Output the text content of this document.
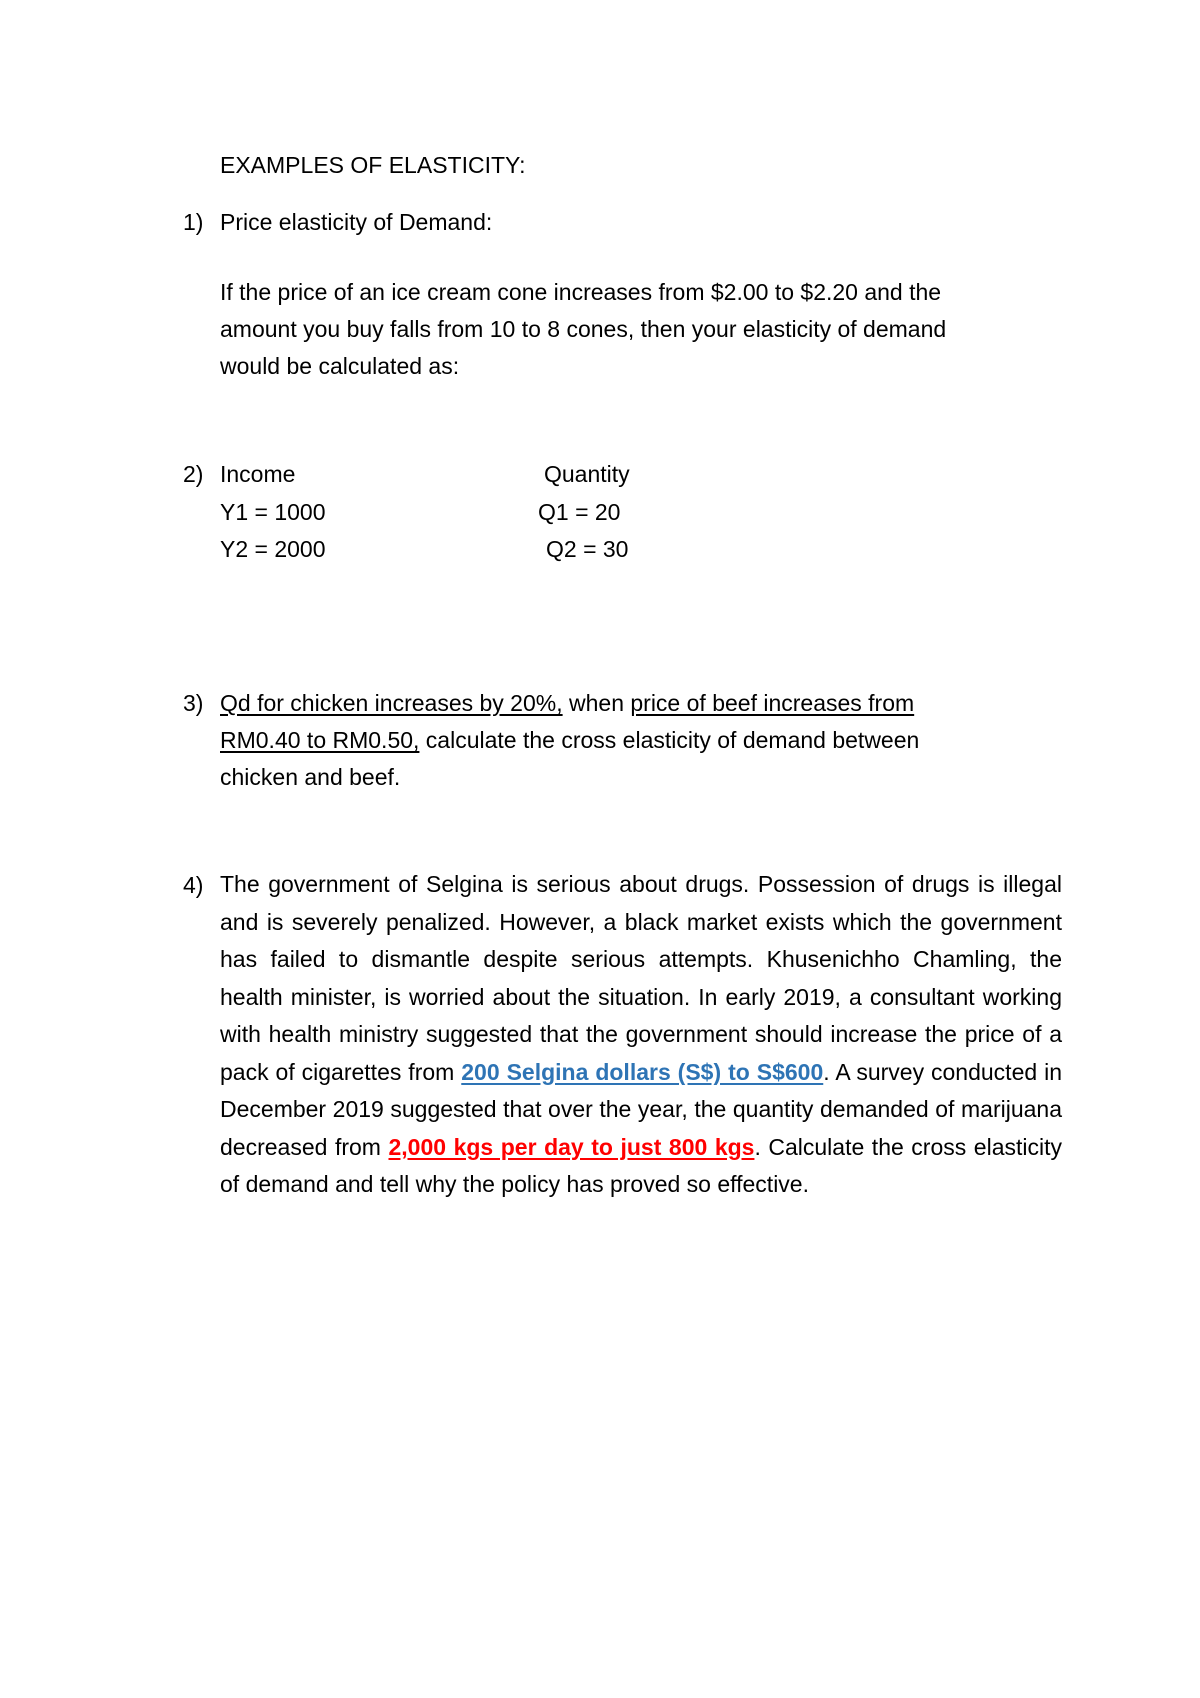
EXAMPLES OF ELASTICITY:
1) Price elasticity of Demand:
If the price of an ice cream cone increases from $2.00 to $2.20 and the
amount you buy falls from 10 to 8 cones, then your elasticity of demand
would be calculated as:
2) Income	Quantity
Y1 = 1000	Q1 = 20
Y2 = 2000	Q2 = 30
3) Qd for chicken increases by 20%, when price of beef increases from
RM0.40 to RM0.50, calculate the cross elasticity of demand between
chicken and beef.
4) The government of Selgina is serious about drugs. Possession of drugs is illegal and is severely penalized. However, a black market exists which the government has failed to dismantle despite serious attempts. Khusenichho Chamling, the health minister, is worried about the situation. In early 2019, a consultant working with health ministry suggested that the government should increase the price of a pack of cigarettes from 200 Selgina dollars (S$) to S$600. A survey conducted in December 2019 suggested that over the year, the quantity demanded of marijuana decreased from 2,000 kgs per day to just 800 kgs. Calculate the cross elasticity of demand and tell why the policy has proved so effective.
